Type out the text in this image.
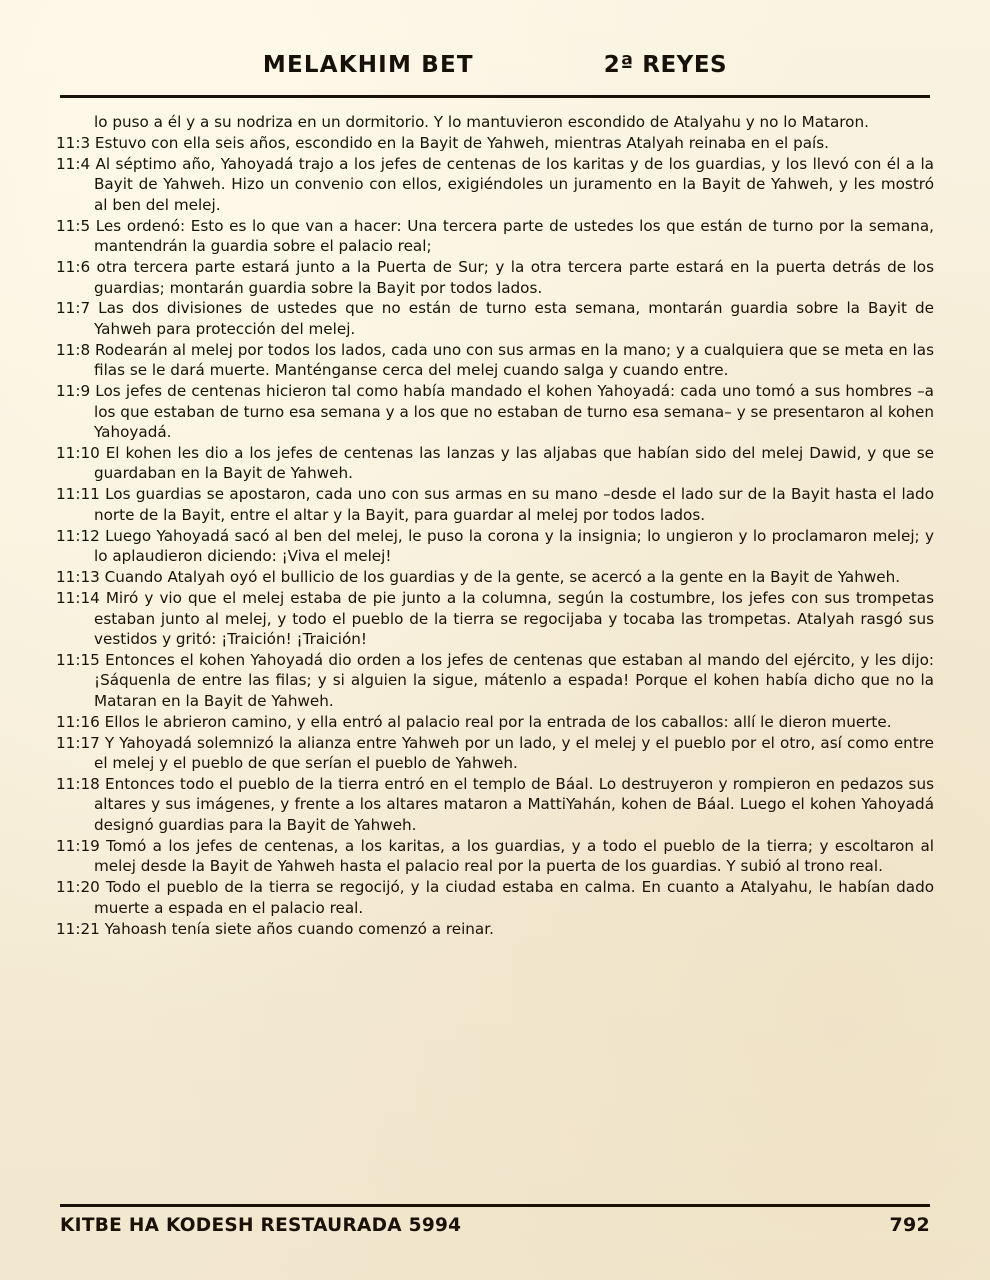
MELAKHIM BET	2ª REYES
lo puso a él y a su nodriza en un dormitorio. Y lo mantuvieron escondido de Atalyahu y no lo Mataron.
11:3 Estuvo con ella seis años, escondido en la Bayit de Yahweh, mientras Atalyah reinaba en el país.
11:4 Al séptimo año, Yahoyadá trajo a los jefes de centenas de los karitas y de los guardias, y los llevó con él a la Bayit de Yahweh. Hizo un convenio con ellos, exigiéndoles un juramento en la Bayit de Yahweh, y les mostró al ben del melej.
11:5 Les ordenó: Esto es lo que van a hacer: Una tercera parte de ustedes los que están de turno por la semana, mantendrán la guardia sobre el palacio real;
11:6 otra tercera parte estará junto a la Puerta de Sur; y la otra tercera parte estará en la puerta detrás de los guardias; montarán guardia sobre la Bayit por todos lados.
11:7 Las dos divisiones de ustedes que no están de turno esta semana, montarán guardia sobre la Bayit de Yahweh para protección del melej.
11:8 Rodearán al melej por todos los lados, cada uno con sus armas en la mano; y a cualquiera que se meta en las filas se le dará muerte. Manténganse cerca del melej cuando salga y cuando entre.
11:9 Los jefes de centenas hicieron tal como había mandado el kohen Yahoyadá: cada uno tomó a sus hombres –a los que estaban de turno esa semana y a los que no estaban de turno esa semana– y se presentaron al kohen Yahoyadá.
11:10 El kohen les dio a los jefes de centenas las lanzas y las aljabas que habían sido del melej Dawid, y que se guardaban en la Bayit de Yahweh.
11:11 Los guardias se apostaron, cada uno con sus armas en su mano –desde el lado sur de la Bayit hasta el lado norte de la Bayit, entre el altar y la Bayit, para guardar al melej por todos lados.
11:12 Luego Yahoyadá sacó al ben del melej, le puso la corona y la insignia; lo ungieron y lo proclamaron melej; y lo aplaudieron diciendo: ¡Viva el melej!
11:13 Cuando Atalyah oyó el bullicio de los guardias y de la gente, se acercó a la gente en la Bayit de Yahweh.
11:14 Miró y vio que el melej estaba de pie junto a la columna, según la costumbre, los jefes con sus trompetas estaban junto al melej, y todo el pueblo de la tierra se regocijaba y tocaba las trompetas. Atalyah rasgó sus vestidos y gritó: ¡Traición! ¡Traición!
11:15 Entonces el kohen Yahoyadá dio orden a los jefes de centenas que estaban al mando del ejército, y les dijo: ¡Sáquenla de entre las filas; y si alguien la sigue, mátenlo a espada! Porque el kohen había dicho que no la Mataran en la Bayit de Yahweh.
11:16 Ellos le abrieron camino, y ella entró al palacio real por la entrada de los caballos: allí le dieron muerte.
11:17 Y Yahoyadá solemnizó la alianza entre Yahweh por un lado, y el melej y el pueblo por el otro, así como entre el melej y el pueblo de que serían el pueblo de Yahweh.
11:18 Entonces todo el pueblo de la tierra entró en el templo de Báal. Lo destruyeron y rompieron en pedazos sus altares y sus imágenes, y frente a los altares mataron a MattiYahán, kohen de Báal. Luego el kohen Yahoyadá designó guardias para la Bayit de Yahweh.
11:19 Tomó a los jefes de centenas, a los karitas, a los guardias, y a todo el pueblo de la tierra; y escoltaron al melej desde la Bayit de Yahweh hasta el palacio real por la puerta de los guardias. Y subió al trono real.
11:20 Todo el pueblo de la tierra se regocijó, y la ciudad estaba en calma. En cuanto a Atalyahu, le habían dado muerte a espada en el palacio real.
11:21 Yahoash tenía siete años cuando comenzó a reinar.
KITBE HA KODESH RESTAURADA 5994	792
